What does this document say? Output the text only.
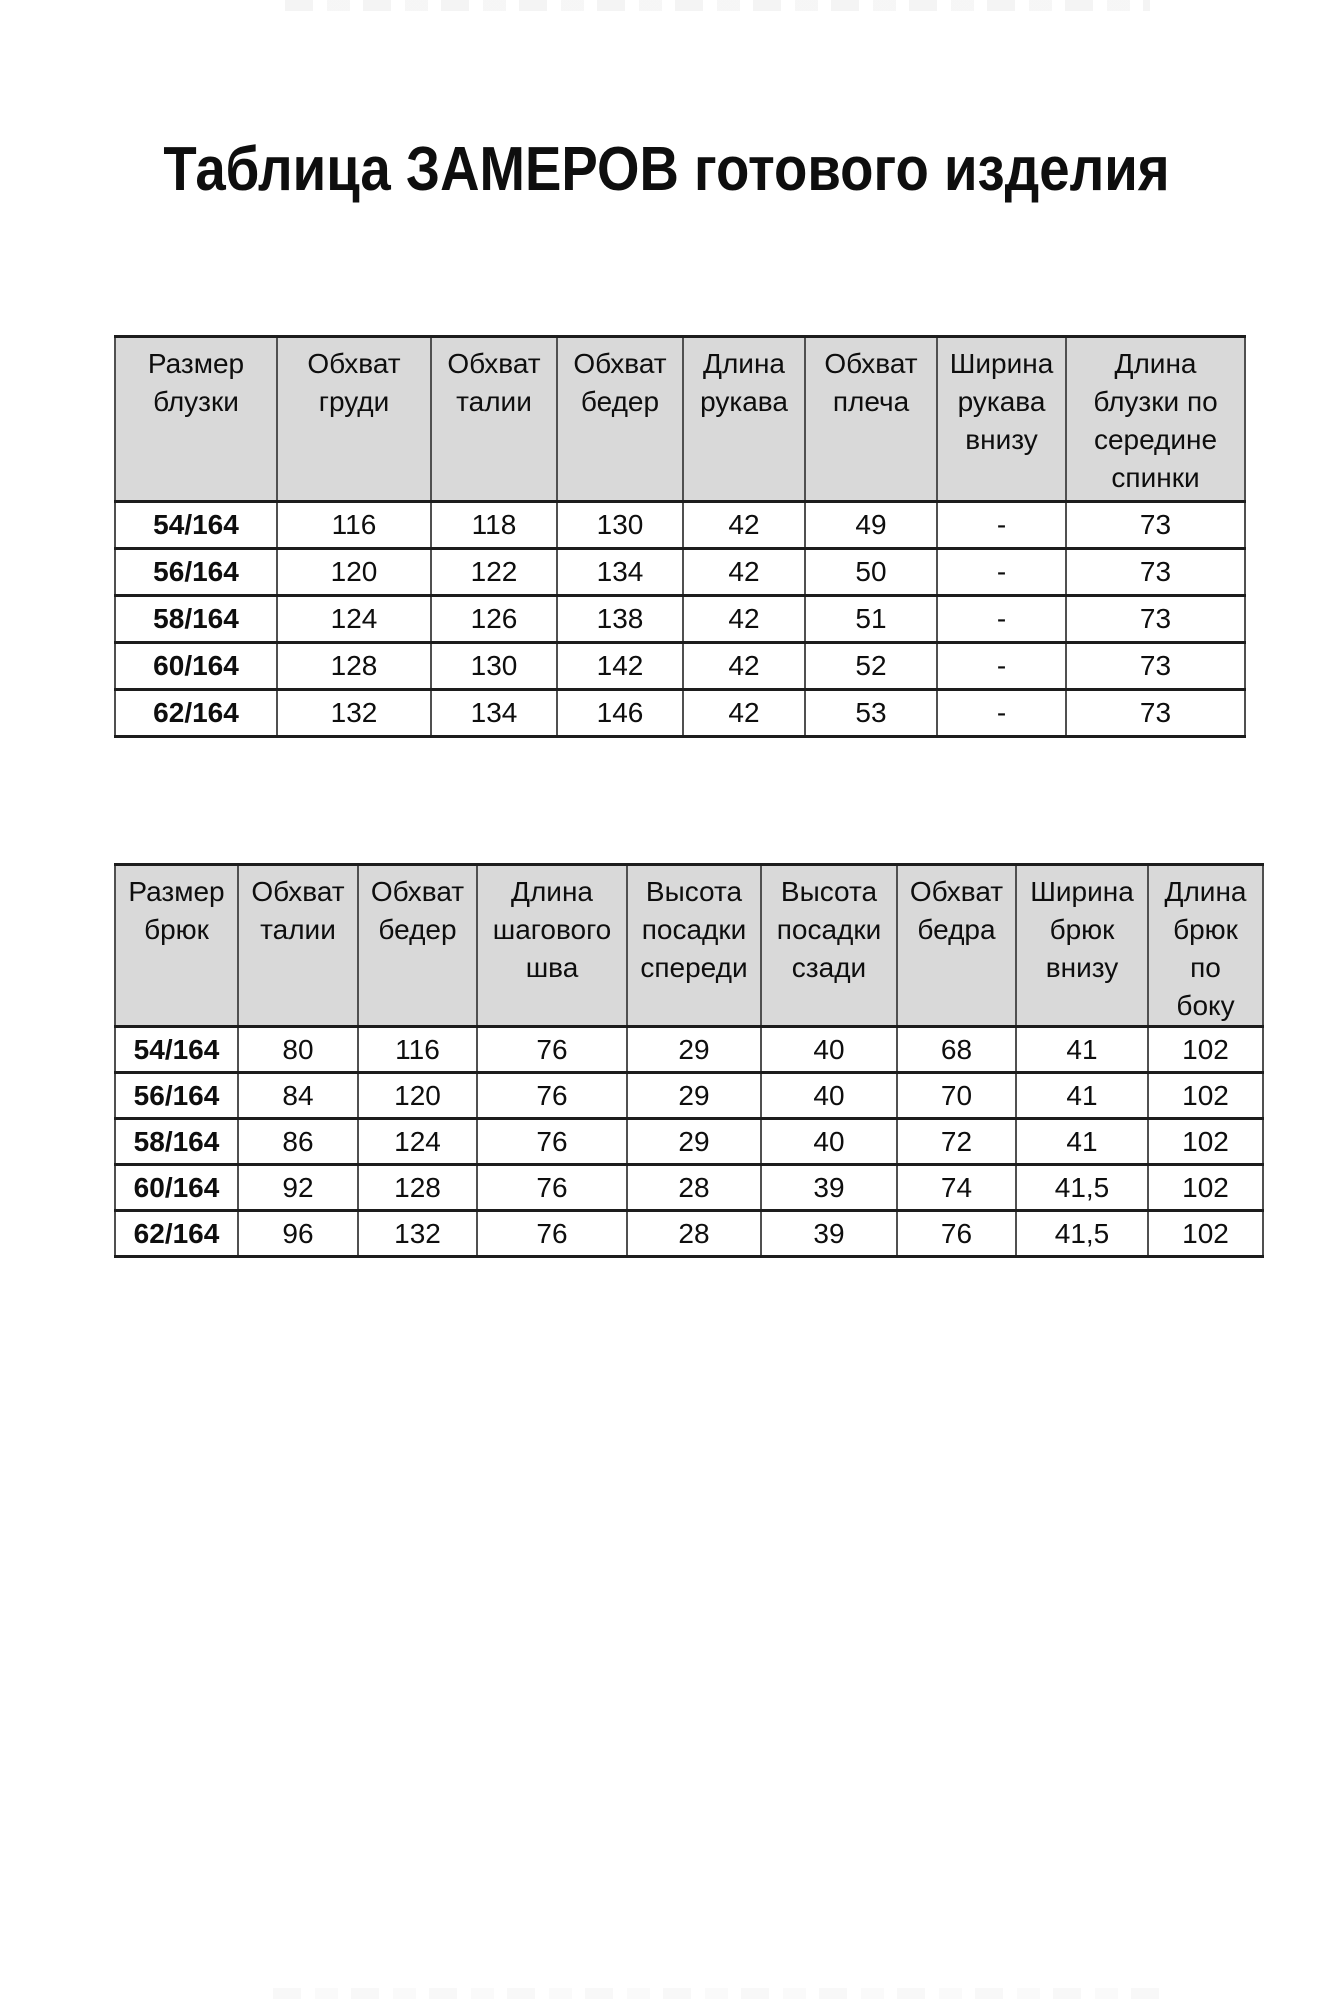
Таблица ЗАМЕРОВ готового изделия
Размер блузки	Обхват груди	Обхват талии	Обхват бедер	Длина рукава	Обхват плеча	Ширина рукава внизу	Длина блузки по середине спинки
54/164	116	118	130	42	49	-	73
56/164	120	122	134	42	50	-	73
58/164	124	126	138	42	51	-	73
60/164	128	130	142	42	52	-	73
62/164	132	134	146	42	53	-	73
Размер брюк	Обхват талии	Обхват бедер	Длина шагового шва	Высота посадки спереди	Высота посадки сзади	Обхват бедра	Ширина брюк внизу	Длина брюк по боку
54/164	80	116	76	29	40	68	41	102
56/164	84	120	76	29	40	70	41	102
58/164	86	124	76	29	40	72	41	102
60/164	92	128	76	28	39	74	41,5	102
62/164	96	132	76	28	39	76	41,5	102
